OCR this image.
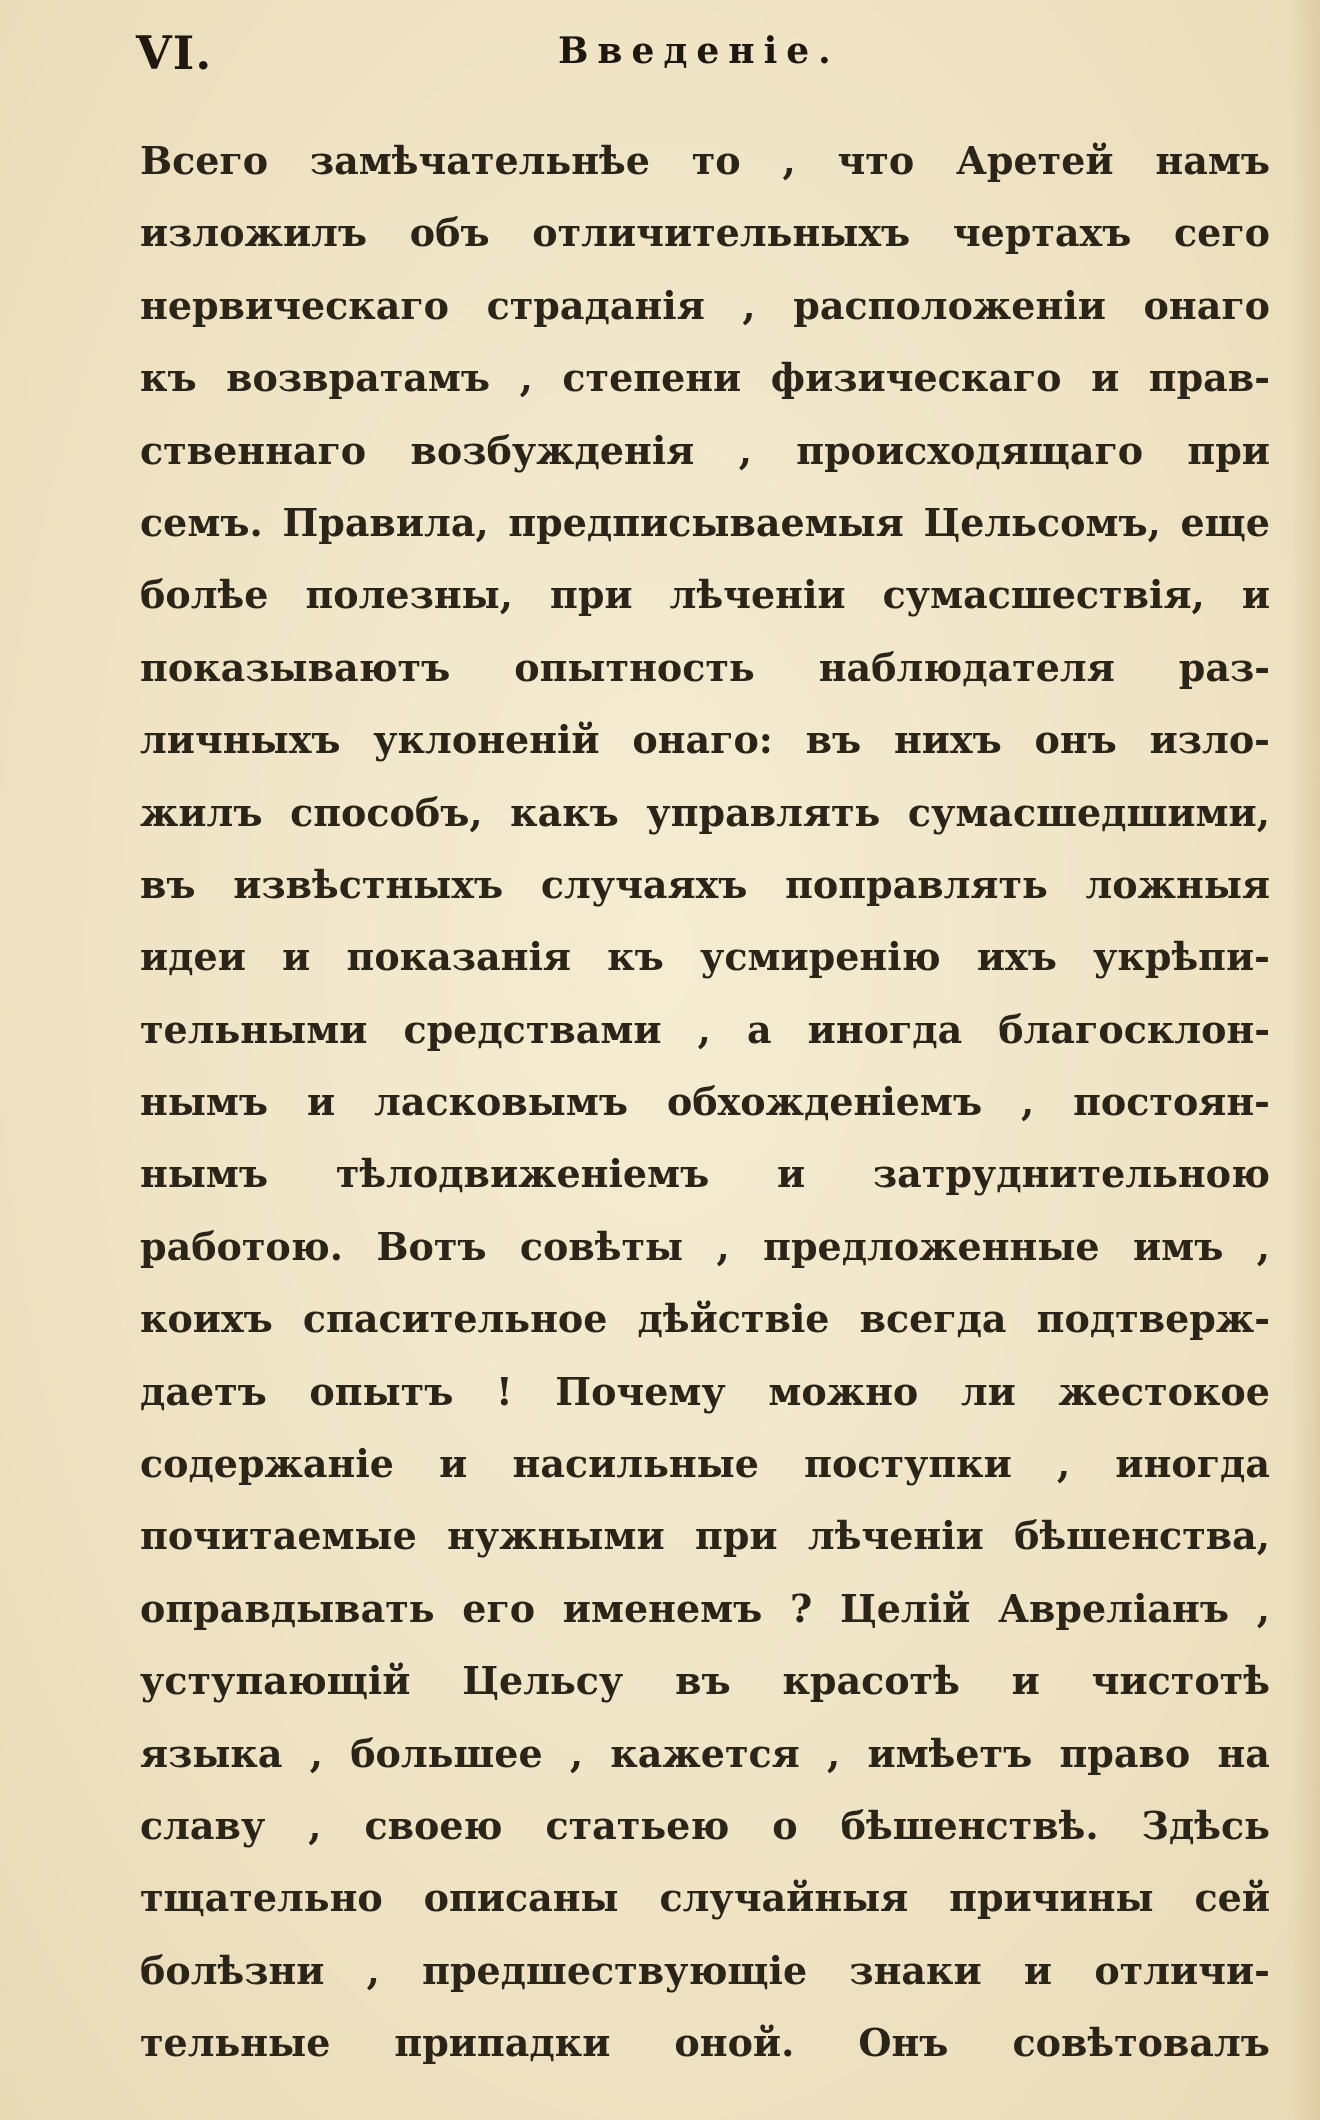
VI.	Введеніе.
Всего замѣчательнѣе то , что Аретей намъ
изложилъ объ отличительныхъ чертахъ сего
нервическаго страданія , расположеніи онаго
къ возвратамъ , степени физическаго и прав-
ственнаго возбужденія , происходящаго при
семъ. Правила, предписываемыя Цельсомъ, еще
болѣе полезны, при лѣченіи сумасшествія, и
показываютъ опытность наблюдателя раз-
личныхъ уклоненій онаго: въ нихъ онъ изло-
жилъ способъ, какъ управлять сумасшедшими,
въ извѣстныхъ случаяхъ поправлять ложныя
идеи и показанія къ усмиренію ихъ укрѣпи-
тельными средствами , а иногда благосклон-
нымъ и ласковымъ обхожденіемъ , постоян-
нымъ тѣлодвиженіемъ и затруднительною
работою. Вотъ совѣты , предложенные имъ ,
коихъ спасительное дѣйствіе всегда подтверж-
даетъ опытъ ! Почему можно ли жестокое
содержаніе и насильные поступки , иногда
почитаемые нужными при лѣченіи бѣшенства,
оправдывать его именемъ ? Целій Авреліанъ ,
уступающій Цельсу въ красотѣ и чистотѣ
языка , большее , кажется , имѣетъ право на
славу , своею статьею о бѣшенствѣ. Здѣсь
тщательно описаны случайныя причины сей
болѣзни , предшествующіе знаки и отличи-
тельные припадки оной. Онъ совѣтовалъ
